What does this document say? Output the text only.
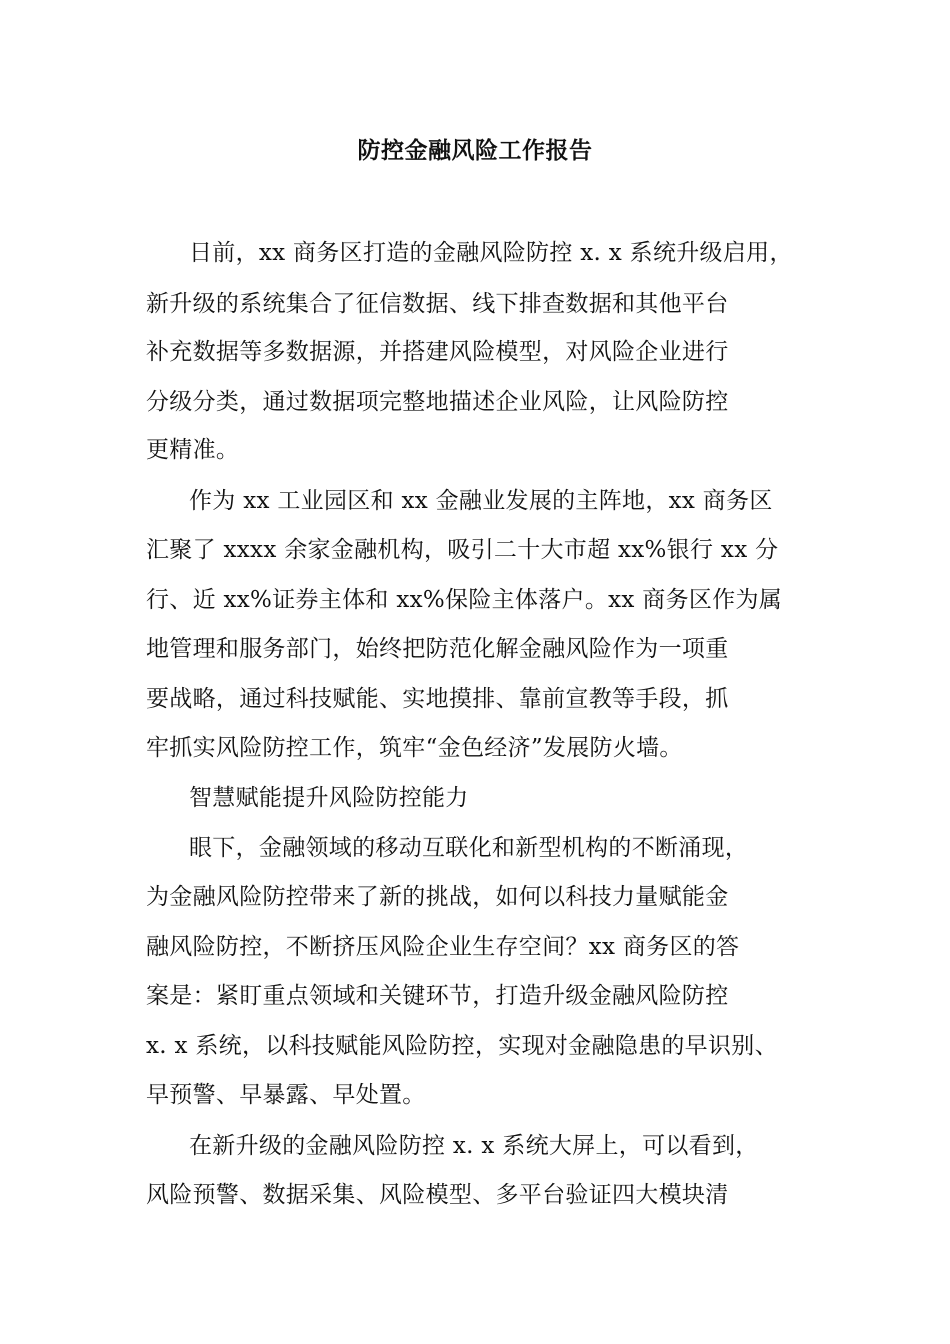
防控金融风险工作报告
日前，xx 商务区打造的金融风险防控 x. x 系统升级启用，
新升级的系统集合了征信数据、线下排查数据和其他平台
补充数据等多数据源，并搭建风险模型，对风险企业进行
分级分类，通过数据项完整地描述企业风险，让风险防控
更精准。
作为 xx 工业园区和 xx 金融业发展的主阵地，xx 商务区
汇聚了 xxxx 余家金融机构，吸引二十大市超 xx%银行 xx 分
行、近 xx%证券主体和 xx%保险主体落户。xx 商务区作为属
地管理和服务部门，始终把防范化解金融风险作为一项重
要战略，通过科技赋能、实地摸排、靠前宣教等手段，抓
牢抓实风险防控工作，筑牢“金色经济”发展防火墙。
智慧赋能提升风险防控能力
眼下，金融领域的移动互联化和新型机构的不断涌现，
为金融风险防控带来了新的挑战，如何以科技力量赋能金
融风险防控，不断挤压风险企业生存空间？xx 商务区的答
案是：紧盯重点领域和关键环节，打造升级金融风险防控
x. x 系统，以科技赋能风险防控，实现对金融隐患的早识别、
早预警、早暴露、早处置。
在新升级的金融风险防控 x. x 系统大屏上，可以看到，
风险预警、数据采集、风险模型、多平台验证四大模块清
